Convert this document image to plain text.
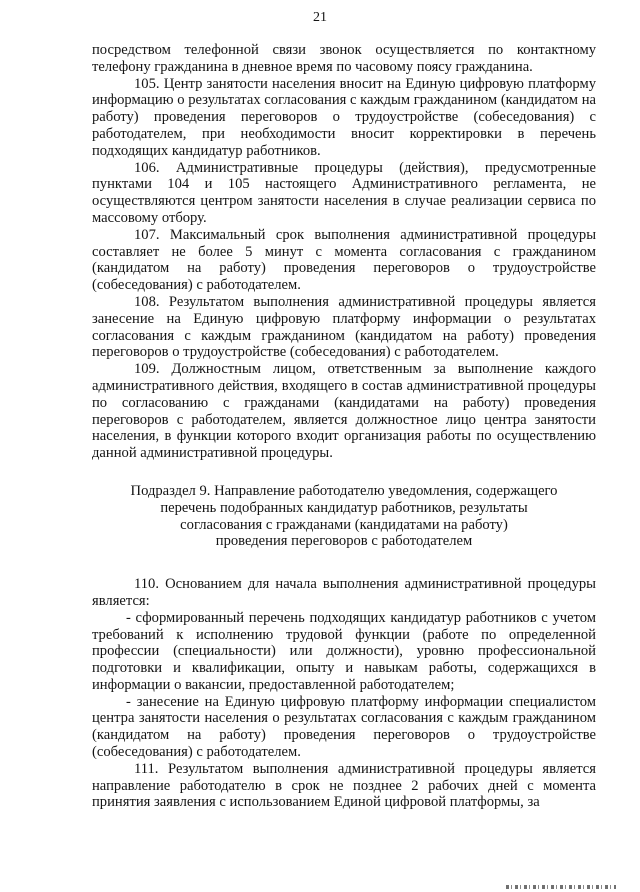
21

посредством телефонной связи звонок осуществляется по контактному телефону гражданина в дневное время по часовому поясу гражданина.

105. Центр занятости населения вносит на Единую цифровую платформу информацию о результатах согласования с каждым гражданином (кандидатом на работу) проведения переговоров о трудоустройстве (собеседования) с работодателем, при необходимости вносит корректировки в перечень подходящих кандидатур работников.

106. Административные процедуры (действия), предусмотренные пунктами 104 и 105 настоящего Административного регламента, не осуществляются центром занятости населения в случае реализации сервиса по массовому отбору.

107. Максимальный срок выполнения административной процедуры составляет не более 5 минут с момента согласования с гражданином (кандидатом на работу) проведения переговоров о трудоустройстве (собеседования) с работодателем.

108. Результатом выполнения административной процедуры является занесение на Единую цифровую платформу информации о результатах согласования с каждым гражданином (кандидатом на работу) проведения переговоров о трудоустройстве (собеседования) с работодателем.

109. Должностным лицом, ответственным за выполнение каждого административного действия, входящего в состав административной процедуры по согласованию с гражданами (кандидатами на работу) проведения переговоров с работодателем, является должностное лицо центра занятости населения, в функции которого входит организация работы по осуществлению данной административной процедуры.

Подраздел 9. Направление работодателю уведомления, содержащего
перечень подобранных кандидатур работников, результаты
согласования с гражданами (кандидатами на работу)
проведения переговоров с работодателем

110. Основанием для начала выполнения административной процедуры является:

- сформированный перечень подходящих кандидатур работников с учетом требований к исполнению трудовой функции (работе по определенной профессии (специальности) или должности), уровню профессиональной подготовки и квалификации, опыту и навыкам работы, содержащихся в информации о вакансии, предоставленной работодателем;

- занесение на Единую цифровую платформу информации специалистом центра занятости населения о результатах согласования с каждым гражданином (кандидатом на работу) проведения переговоров о трудоустройстве (собеседования) с работодателем.

111. Результатом выполнения административной процедуры является направление работодателю в срок не позднее 2 рабочих дней с момента принятия заявления с использованием Единой цифровой платформы, за
